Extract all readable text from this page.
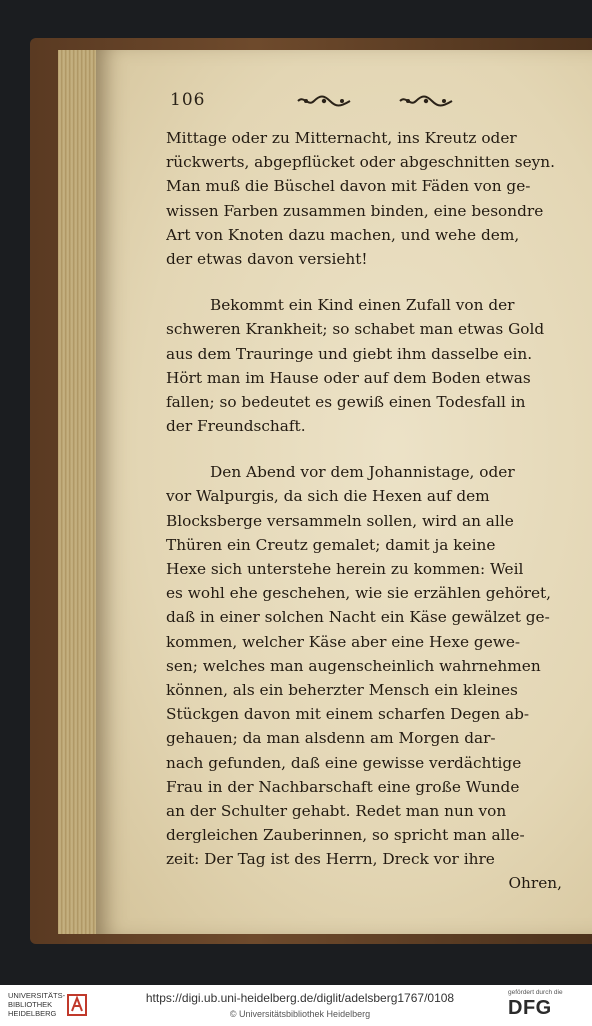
106
Mittage oder zu Mitternacht, ins Kreutz oder
rückwerts, abgepflücket oder abgeschnitten seyn.
Man muß die Büschel davon mit Fäden von ge-
wissen Farben zusammen binden, eine besondre
Art von Knoten dazu machen, und wehe dem,
der etwas davon versieht!
Bekommt ein Kind einen Zufall von der
schweren Krankheit; so schabet man etwas Gold
aus dem Trauringe und giebt ihm dasselbe ein.
Hört man im Hause oder auf dem Boden etwas
fallen; so bedeutet es gewiß einen Todesfall in
der Freundschaft.
Den Abend vor dem Johannistage, oder
vor Walpurgis, da sich die Hexen auf dem
Blocksberge versammeln sollen, wird an alle
Thüren ein Creutz gemalet; damit ja keine
Hexe sich unterstehe herein zu kommen: Weil
es wohl ehe geschehen, wie sie erzählen gehöret,
daß in einer solchen Nacht ein Käse gewälzet ge-
kommen, welcher Käse aber eine Hexe gewe-
sen; welches man augenscheinlich wahrnehmen
können, als ein beherzter Mensch ein kleines
Stückgen davon mit einem scharfen Degen ab-
gehauen; da man alsdenn am Morgen dar-
nach gefunden, daß eine gewisse verdächtige
Frau in der Nachbarschaft eine große Wunde
an der Schulter gehabt. Redet man nun von
dergleichen Zauberinnen, so spricht man alle-
zeit: Der Tag ist des Herrn, Dreck vor ihre
Ohren,
UNIVERSITÄTS-
BIBLIOTHEK
HEIDELBERG
https://digi.ub.uni-heidelberg.de/diglit/adelsberg1767/0108
© Universitätsbibliothek Heidelberg
gefördert durch die
DFG
